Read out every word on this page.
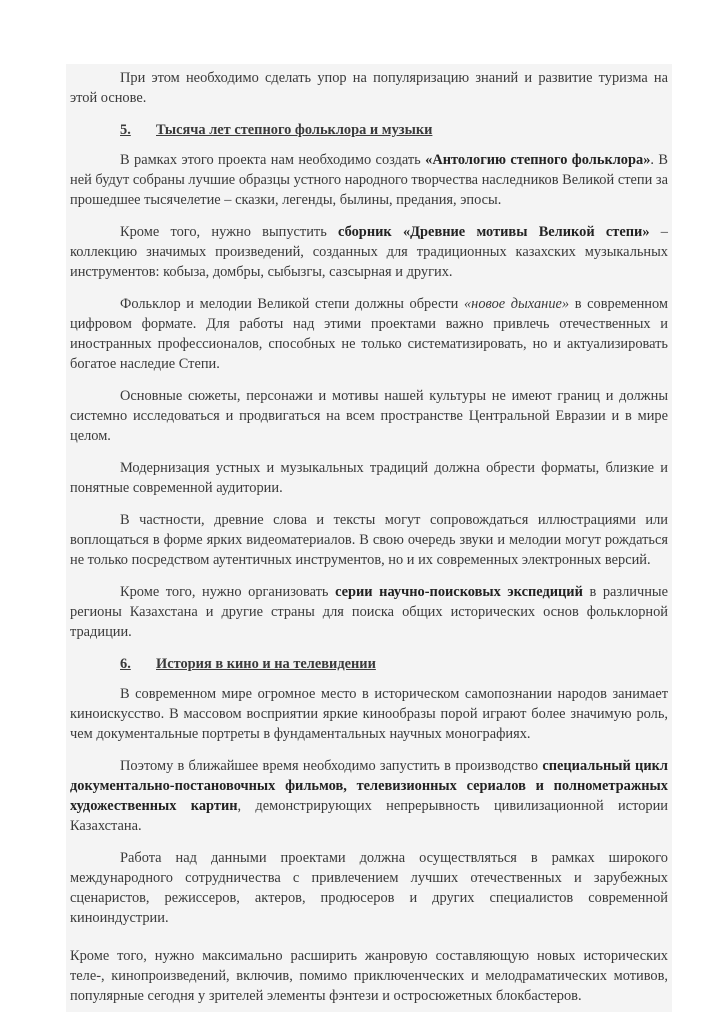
При этом необходимо сделать упор на популяризацию знаний и развитие туризма на этой основе.

5. Тысяча лет степного фольклора и музыки

В рамках этого проекта нам необходимо создать «Антологию степного фольклора». В ней будут собраны лучшие образцы устного народного творчества наследников Великой степи за прошедшее тысячелетие – сказки, легенды, былины, предания, эпосы.

Кроме того, нужно выпустить сборник «Древние мотивы Великой степи» – коллекцию значимых произведений, созданных для традиционных казахских музыкальных инструментов: кобыза, домбры, сыбызгы, сазсырная и других.

Фольклор и мелодии Великой степи должны обрести «новое дыхание» в современном цифровом формате. Для работы над этими проектами важно привлечь отечественных и иностранных профессионалов, способных не только систематизировать, но и актуализировать богатое наследие Степи.

Основные сюжеты, персонажи и мотивы нашей культуры не имеют границ и должны системно исследоваться и продвигаться на всем пространстве Центральной Евразии и в мире целом.

Модернизация устных и музыкальных традиций должна обрести форматы, близкие и понятные современной аудитории.

В частности, древние слова и тексты могут сопровождаться иллюстрациями или воплощаться в форме ярких видеоматериалов. В свою очередь звуки и мелодии могут рождаться не только посредством аутентичных инструментов, но и их современных электронных версий.

Кроме того, нужно организовать серии научно-поисковых экспедиций в различные регионы Казахстана и другие страны для поиска общих исторических основ фольклорной традиции.

6. История в кино и на телевидении

В современном мире огромное место в историческом самопознании народов занимает киноискусство. В массовом восприятии яркие кинообразы порой играют более значимую роль, чем документальные портреты в фундаментальных научных монографиях.

Поэтому в ближайшее время необходимо запустить в производство специальный цикл документально-постановочных фильмов, телевизионных сериалов и полнометражных художественных картин, демонстрирующих непрерывность цивилизационной истории Казахстана.

Работа над данными проектами должна осуществляться в рамках широкого международного сотрудничества с привлечением лучших отечественных и зарубежных сценаристов, режиссеров, актеров, продюсеров и других специалистов современной киноиндустрии.

Кроме того, нужно максимально расширить жанровую составляющую новых исторических теле-, кинопроизведений, включив, помимо приключенческих и мелодраматических мотивов, популярные сегодня у зрителей элементы фэнтези и остросюжетных блокбастеров.
